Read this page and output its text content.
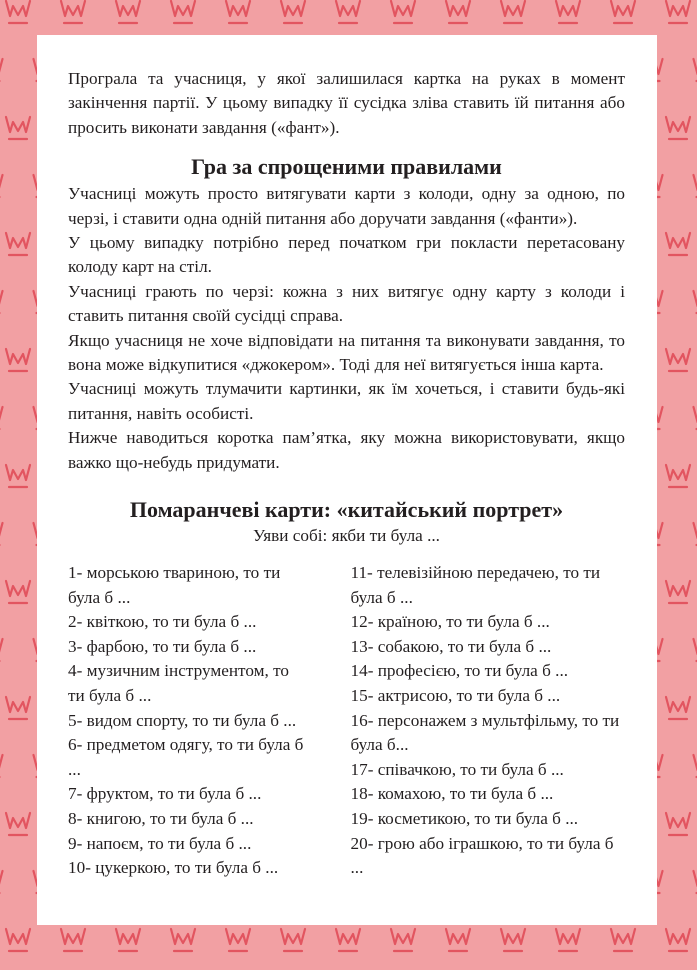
Програла та учасниця, у якої залишилася картка на руках в момент закінчення партії. У цьому випадку її сусідка зліва ставить їй питання або просить виконати завдання («фант»).

Гра за спрощеними правилами

Учасниці можуть просто витягувати карти з колоди, одну за одною, по черзі, і ставити одна одній питання або доручати завдання («фанти»).

У цьому випадку потрібно перед початком гри покласти перетасовану колоду карт на стіл.

Учасниці грають по черзі: кожна з них витягує одну карту з колоди і ставить питання своїй сусідці справа.

Якщо учасниця не хоче відповідати на питання та виконувати завдання, то вона може відкупитися «джокером». Тоді для неї витягується інша карта.

Учасниці можуть тлумачити картинки, як їм хочеться, і ставити будь-які питання, навіть особисті.

Нижче наводиться коротка пам’ятка, яку можна використовувати, якщо важко що-небудь придумати.

Помаранчеві карти: «китайський портрет»
Уяви собі: якби ти була ...

1- морською твариною, то ти була б ...

2- квіткою, то ти була б ...

3- фарбою, то ти була б ...

4- музичним інструментом, то ти була б ...

5- видом спорту, то ти була б ...

6- предметом одягу, то ти була б ...

7- фруктом, то ти була б ...

8- книгою, то ти була б ...

9- напоєм, то ти була б ...

10- цукеркою, то ти була б ...

11- телевізійною передачею, то ти була б ...

12- країною, то ти була б ...

13- собакою, то ти була б ...

14- професією, то ти була б ...

15- актрисою, то ти була б ...

16- персонажем з мультфільму, то ти була б...

17- співачкою, то ти була б ...

18- комахою, то ти була б ...

19- косметикою, то ти була б ...

20- грою або іграшкою, то ти була б ...
